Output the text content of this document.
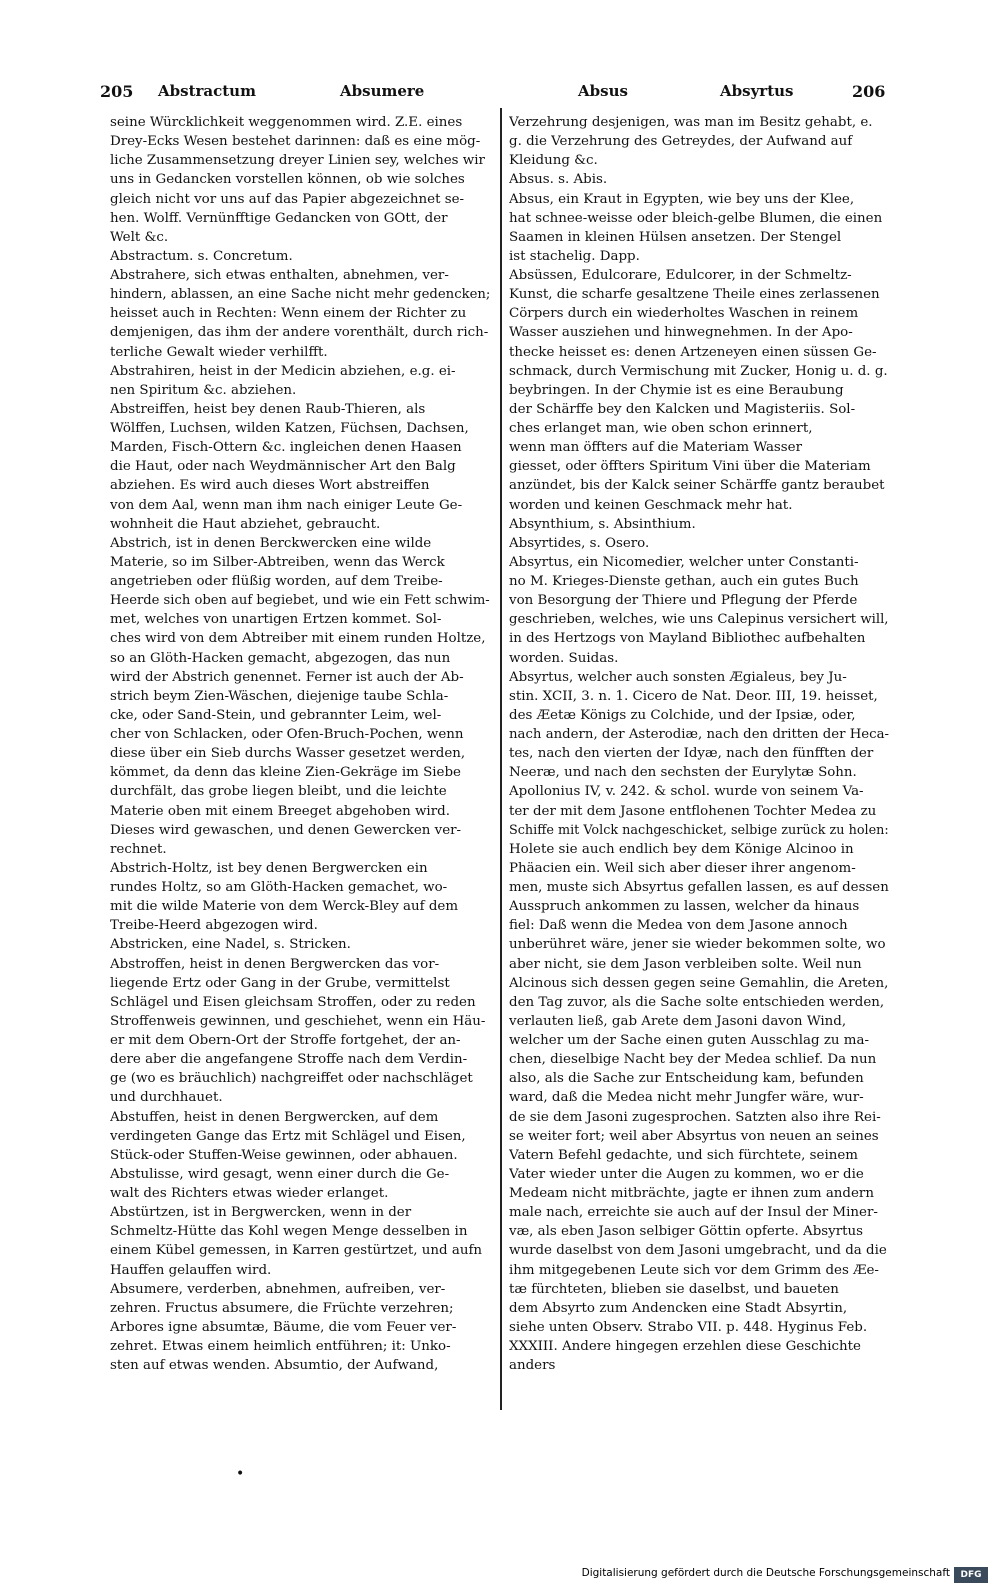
205 Abstractum	Absumere	Absus	Absyrtus	206
seine Würcklichkeit weggenommen wird. Z.E. eines
Drey-Ecks Wesen bestehet darinnen: daß es eine mög-
liche Zusammensetzung dreyer Linien sey, welches wir
uns in Gedancken vorstellen können, ob wie solches
gleich nicht vor uns auf das Papier abgezeichnet se-
hen. Wolff. Vernünfftige Gedancken von GOtt, der
Welt &c.
Abstractum. s. Concretum.
Abstrahere, sich etwas enthalten, abnehmen, ver-
hindern, ablassen, an eine Sache nicht mehr gedencken;
heisset auch in Rechten: Wenn einem der Richter zu
demjenigen, das ihm der andere vorenthält, durch rich-
terliche Gewalt wieder verhilfft.
Abstrahiren, heist in der Medicin abziehen, e.g. ei-
nen Spiritum &c. abziehen.
Abstreiffen, heist bey denen Raub-Thieren, als
Wölffen, Luchsen, wilden Katzen, Füchsen, Dachsen,
Marden, Fisch-Ottern &c. ingleichen denen Haasen
die Haut, oder nach Weydmännischer Art den Balg
abziehen. Es wird auch dieses Wort abstreiffen
von dem Aal, wenn man ihm nach einiger Leute Ge-
wohnheit die Haut abziehet, gebraucht.
Abstrich, ist in denen Berckwercken eine wilde
Materie, so im Silber-Abtreiben, wenn das Werck
angetrieben oder flüßig worden, auf dem Treibe-
Heerde sich oben auf begiebet, und wie ein Fett schwim-
met, welches von unartigen Ertzen kommet. Sol-
ches wird von dem Abtreiber mit einem runden Holtze,
so an Glöth-Hacken gemacht, abgezogen, das nun
wird der Abstrich genennet. Ferner ist auch der Ab-
strich beym Zien-Wäschen, diejenige taube Schla-
cke, oder Sand-Stein, und gebrannter Leim, wel-
cher von Schlacken, oder Ofen-Bruch-Pochen, wenn
diese über ein Sieb durchs Wasser gesetzet werden,
kömmet, da denn das kleine Zien-Gekräge im Siebe
durchfält, das grobe liegen bleibt, und die leichte
Materie oben mit einem Breeget abgehoben wird.
Dieses wird gewaschen, und denen Gewercken ver-
rechnet.
Abstrich-Holtz, ist bey denen Bergwercken ein
rundes Holtz, so am Glöth-Hacken gemachet, wo-
mit die wilde Materie von dem Werck-Bley auf dem
Treibe-Heerd abgezogen wird.
Abstricken, eine Nadel, s. Stricken.
Abstroffen, heist in denen Bergwercken das vor-
liegende Ertz oder Gang in der Grube, vermittelst
Schlägel und Eisen gleichsam Stroffen, oder zu reden
Stroffenweis gewinnen, und geschiehet, wenn ein Häu-
er mit dem Obern-Ort der Stroffe fortgehet, der an-
dere aber die angefangene Stroffe nach dem Verdin-
ge (wo es bräuchlich) nachgreiffet oder nachschläget
und durchhauet.
Abstuffen, heist in denen Bergwercken, auf dem
verdingeten Gange das Ertz mit Schlägel und Eisen,
Stück-oder Stuffen-Weise gewinnen, oder abhauen.
Abstulisse, wird gesagt, wenn einer durch die Ge-
walt des Richters etwas wieder erlanget.
Abstürtzen, ist in Bergwercken, wenn in der
Schmeltz-Hütte das Kohl wegen Menge desselben in
einem Kübel gemessen, in Karren gestürtzet, und aufn
Hauffen gelauffen wird.
Absumere, verderben, abnehmen, aufreiben, ver-
zehren. Fructus absumere, die Früchte verzehren;
Arbores igne absumtæ, Bäume, die vom Feuer ver-
zehret. Etwas einem heimlich entführen; it: Unko-
sten auf etwas wenden. Absumtio, der Aufwand,
Verzehrung desjenigen, was man im Besitz gehabt, e.
g. die Verzehrung des Getreydes, der Aufwand auf
Kleidung &c.
Absus. s. Abis.
Absus, ein Kraut in Egypten, wie bey uns der Klee,
hat schnee-weisse oder bleich-gelbe Blumen, die einen
Saamen in kleinen Hülsen ansetzen. Der Stengel
ist stachelig. Dapp.
Absüssen, Edulcorare, Edulcorer, in der Schmeltz-
Kunst, die scharfe gesaltzene Theile eines zerlassenen
Cörpers durch ein wiederholtes Waschen in reinem
Wasser ausziehen und hinwegnehmen. In der Apo-
thecke heisset es: denen Artzeneyen einen süssen Ge-
schmack, durch Vermischung mit Zucker, Honig u. d. g.
beybringen. In der Chymie ist es eine Beraubung
der Schärffe bey den Kalcken und Magisteriis. Sol-
ches erlanget man, wie oben schon erinnert,
wenn man öffters auf die Materiam Wasser
giesset, oder öffters Spiritum Vini über die Materiam
anzündet, bis der Kalck seiner Schärffe gantz beraubet
worden und keinen Geschmack mehr hat.
Absynthium, s. Absinthium.
Absyrtides, s. Osero.
Absyrtus, ein Nicomedier, welcher unter Constanti-
no M. Krieges-Dienste gethan, auch ein gutes Buch
von Besorgung der Thiere und Pflegung der Pferde
geschrieben, welches, wie uns Calepinus versichert will,
in des Hertzogs von Mayland Bibliothec aufbehalten
worden. Suidas.
Absyrtus, welcher auch sonsten Ægialeus, bey Ju-
stin. XCII, 3. n. 1. Cicero de Nat. Deor. III, 19. heisset,
des Æetæ Königs zu Colchide, und der Ipsiæ, oder,
nach andern, der Asterodiæ, nach den dritten der Heca-
tes, nach den vierten der Idyæ, nach den fünfften der
Neeræ, und nach den sechsten der Eurylytæ Sohn.
Apollonius IV, v. 242. & schol. wurde von seinem Va-
ter der mit dem Jasone entflohenen Tochter Medea zu
Schiffe mit Volck nachgeschicket, selbige zurück zu holen:
Holete sie auch endlich bey dem Könige Alcinoo in
Phäacien ein. Weil sich aber dieser ihrer angenom-
men, muste sich Absyrtus gefallen lassen, es auf dessen
Ausspruch ankommen zu lassen, welcher da hinaus
fiel: Daß wenn die Medea von dem Jasone annoch
unberühret wäre, jener sie wieder bekommen solte, wo
aber nicht, sie dem Jason verbleiben solte. Weil nun
Alcinous sich dessen gegen seine Gemahlin, die Areten,
den Tag zuvor, als die Sache solte entschieden werden,
verlauten ließ, gab Arete dem Jasoni davon Wind,
welcher um der Sache einen guten Ausschlag zu ma-
chen, dieselbige Nacht bey der Medea schlief. Da nun
also, als die Sache zur Entscheidung kam, befunden
ward, daß die Medea nicht mehr Jungfer wäre, wur-
de sie dem Jasoni zugesprochen. Satzten also ihre Rei-
se weiter fort; weil aber Absyrtus von neuen an seines
Vatern Befehl gedachte, und sich fürchtete, seinem
Vater wieder unter die Augen zu kommen, wo er die
Medeam nicht mitbrächte, jagte er ihnen zum andern
male nach, erreichte sie auch auf der Insul der Miner-
væ, als eben Jason selbiger Göttin opferte. Absyrtus
wurde daselbst von dem Jasoni umgebracht, und da die
ihm mitgegebenen Leute sich vor dem Grimm des Æe-
tæ fürchteten, blieben sie daselbst, und baueten
dem Absyrto zum Andencken eine Stadt Absyrtin,
siehe unten Observ. Strabo VII. p. 448. Hyginus Feb.
XXXIII. Andere hingegen erzehlen diese Geschichte
anders
•
Digitalisierung gefördert durch die Deutsche Forschungsgemeinschaft	DFG
